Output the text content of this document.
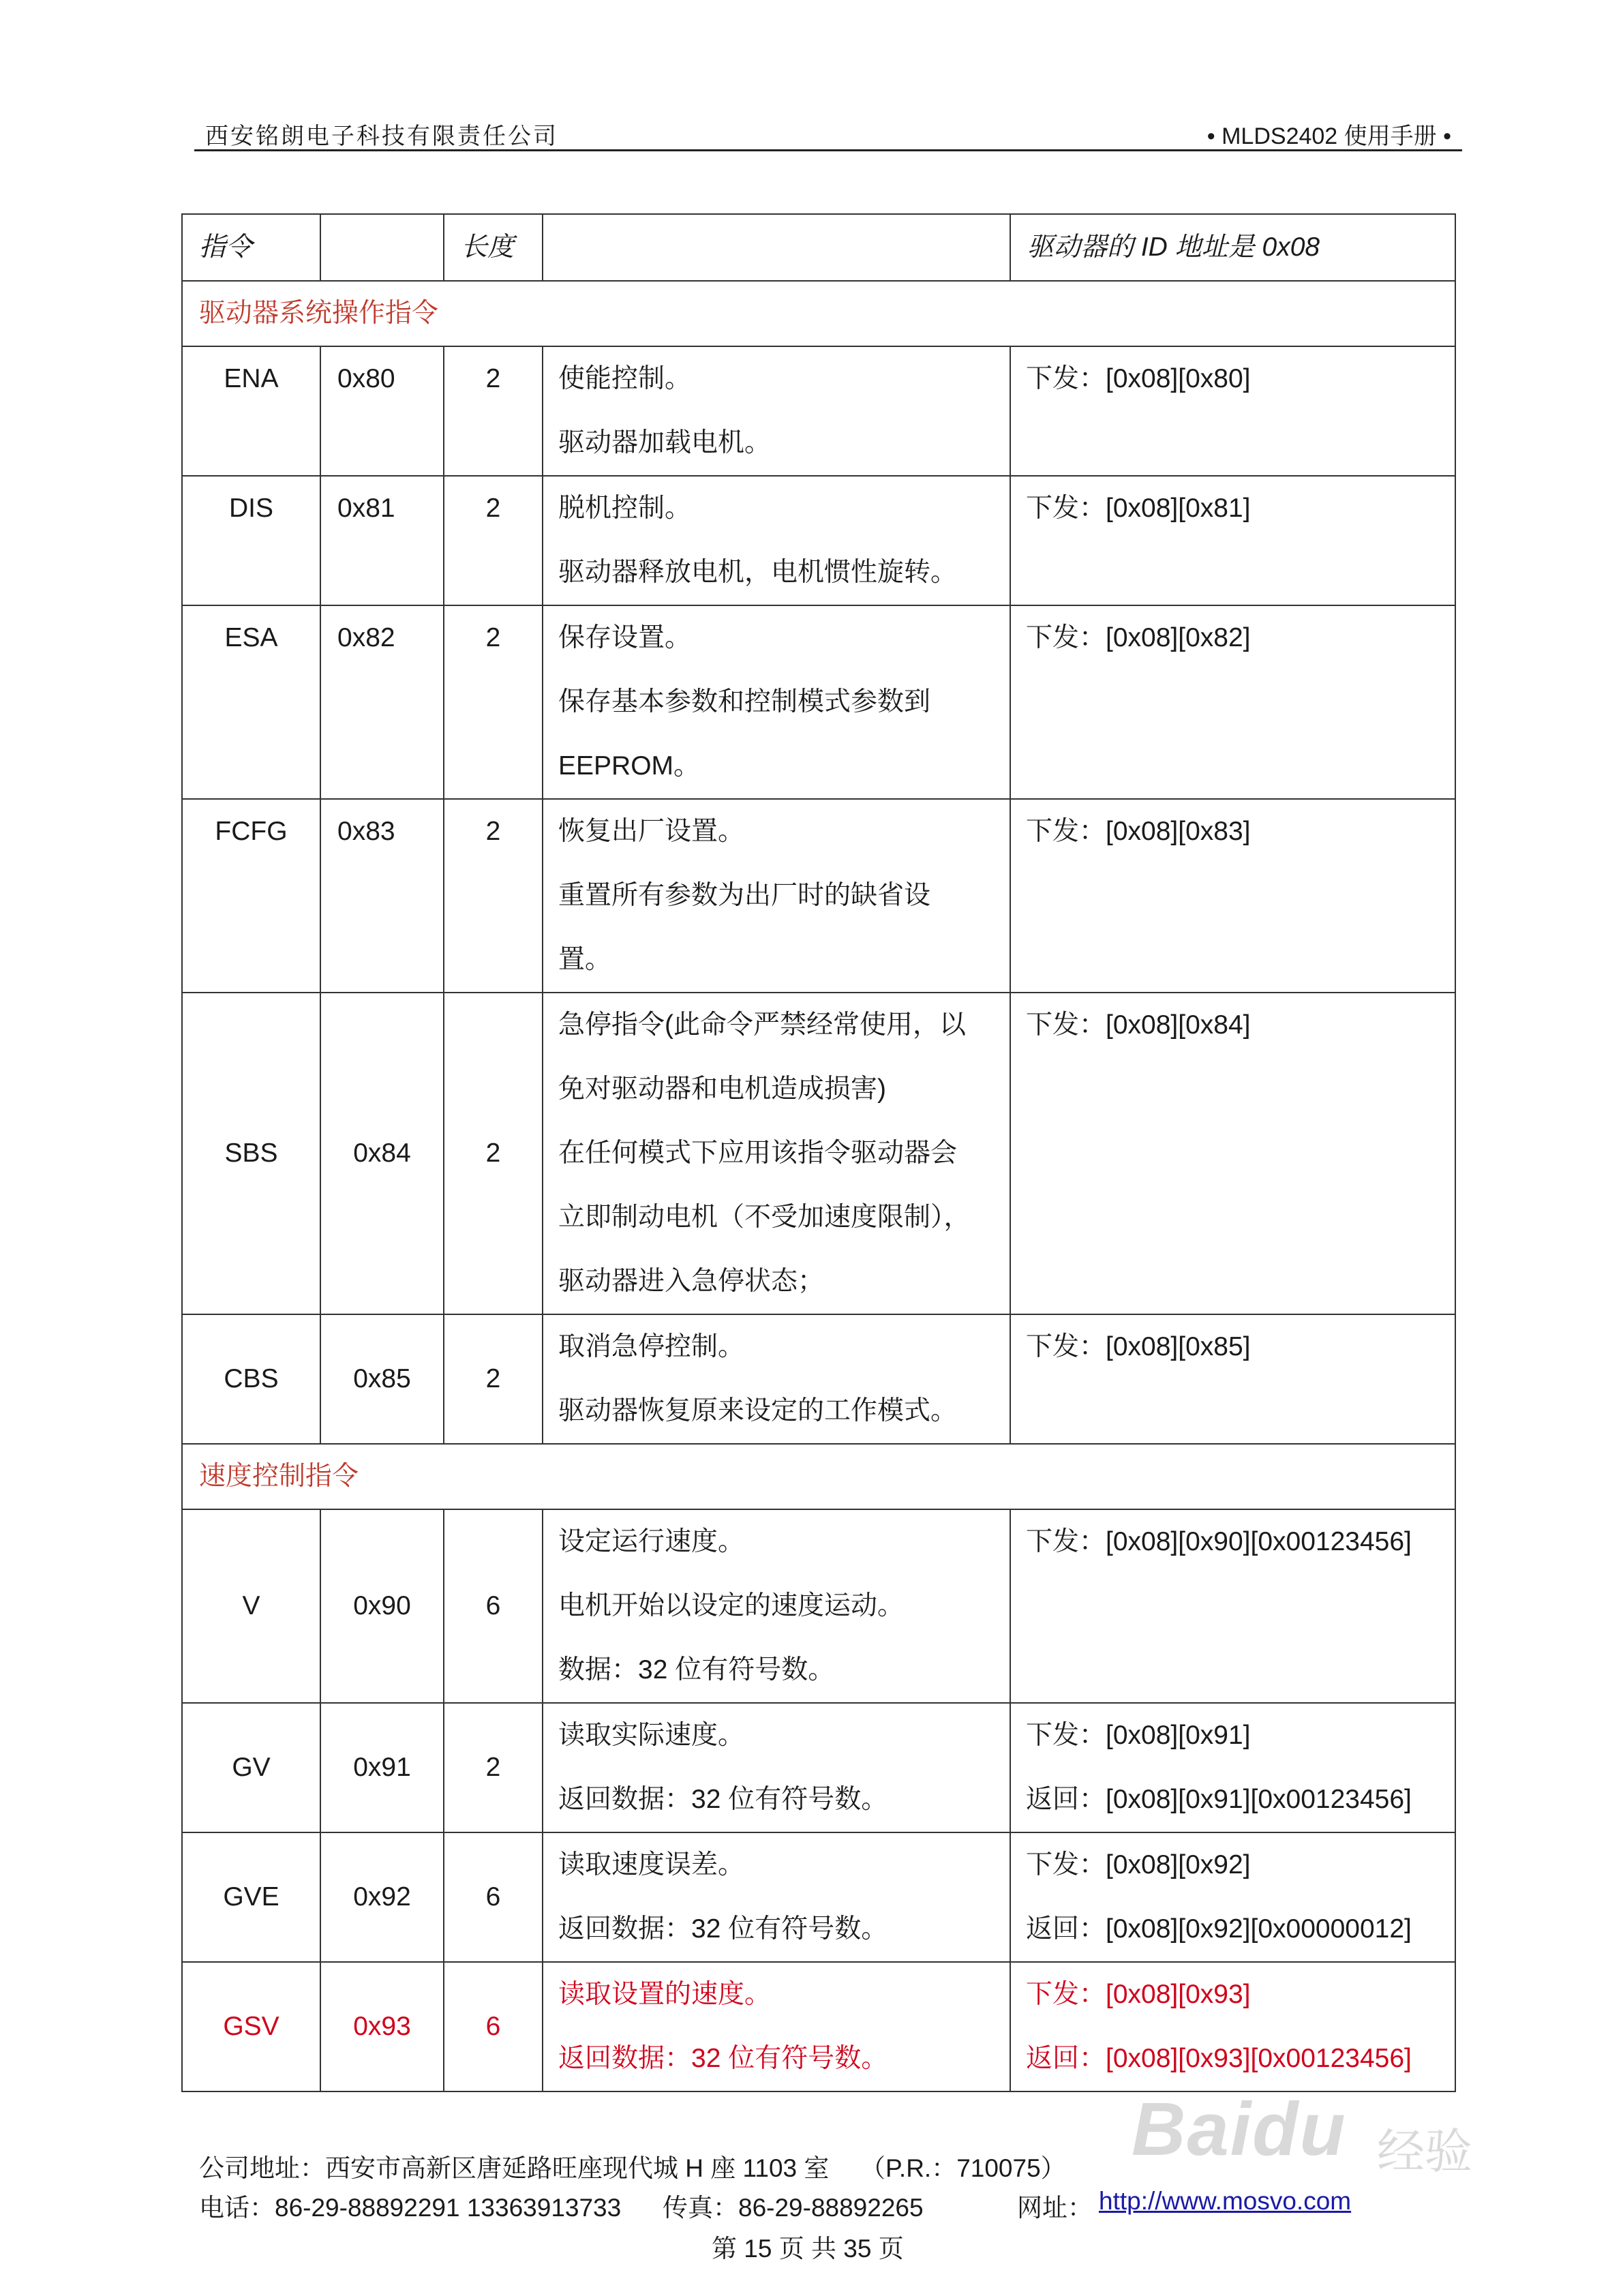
西安铭朗电子科技有限责任公司	• MLDS2402 使用手册 •
指令		长度		驱动器的 ID 地址是 0x08
驱动器系统操作指令				
ENA	0x80	2	使能控制。
驱动器加载电机。	下发：[0x08][0x80]

DIS	0x81	2	脱机控制。
驱动器释放电机，电机惯性旋转。	下发：[0x08][0x81]

ESA	0x82	2	保存设置。
保存基本参数和控制模式参数到
EEPROM。	下发：[0x08][0x82]

FCFG	0x83	2	恢复出厂设置。
重置所有参数为出厂时的缺省设
置。	下发：[0x08][0x83]

SBS	0x84	2	急停指令(此命令严禁经常使用，以
免对驱动器和电机造成损害)
在任何模式下应用该指令驱动器会
立即制动电机（不受加速度限制），
驱动器进入急停状态；	下发：[0x08][0x84]

CBS	0x85	2	取消急停控制。
驱动器恢复原来设定的工作模式。	下发：[0x08][0x85]

速度控制指令				
V	0x90	6	设定运行速度。
电机开始以设定的速度运动。
数据：32 位有符号数。	下发：[0x08][0x90][0x00123456]

GV	0x91	2	读取实际速度。
返回数据：32 位有符号数。	下发：[0x08][0x91]
返回：[0x08][0x91][0x00123456]

GVE	0x92	6	读取速度误差。
返回数据：32 位有符号数。	下发：[0x08][0x92]
返回：[0x08][0x92][0x00000012]

GSV	0x93	6	读取设置的速度。
返回数据：32 位有符号数。	下发：[0x08][0x93]
返回：[0x08][0x93][0x00123456]
公司地址：西安市高新区唐延路旺座现代城 H 座 1103 室 （P.R.：710075）
电话：86-29-88892291 13363913733 传真：86-29-88892265	网址： http://www.mosvo.com
第 15 页 共 35 页
Baidu 经验
